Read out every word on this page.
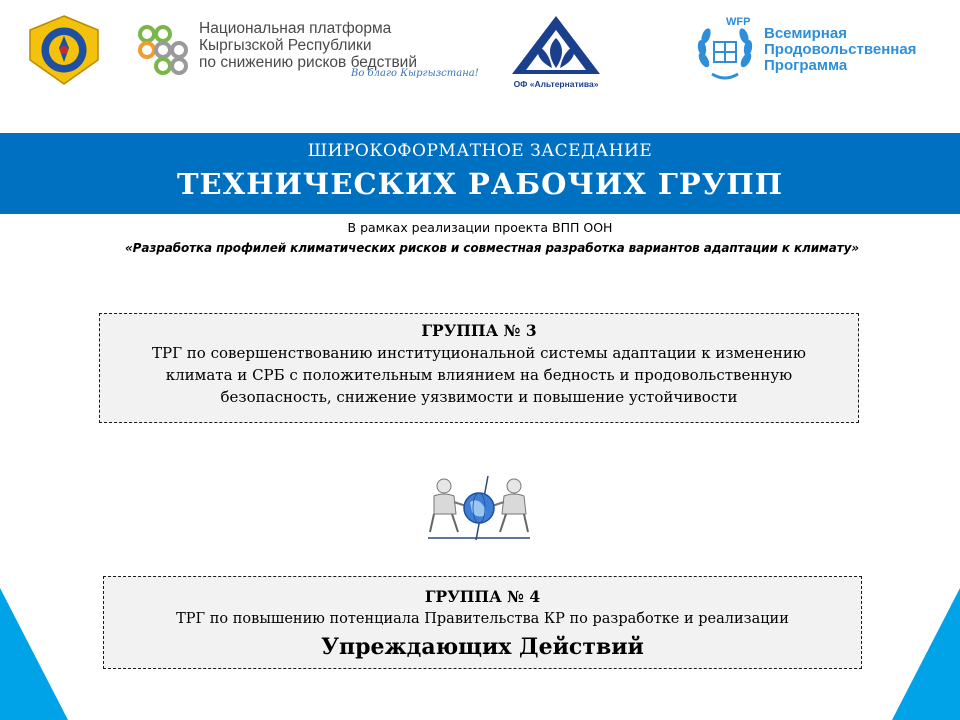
Национальная платформа
Кыргызской Республики
по снижению рисков бедствий
Во благо Кыргызстана!
ОФ «Альтернатива»
WFP
Всемирная
Продовольственная
Программа
ШИРОКОФОРМАТНОЕ ЗАСЕДАНИЕ
ТЕХНИЧЕСКИХ РАБОЧИХ ГРУПП
В рамках реализации проекта ВПП ООН
«Разработка профилей климатических рисков и совместная разработка вариантов адаптации к климату»
ГРУППА № 3
ТРГ по совершенствованию институциональной системы адаптации к изменению
климата и СРБ с положительным влиянием на бедность и продовольственную
безопасность, снижение уязвимости и повышение устойчивости
ГРУППА № 4
ТРГ по повышению потенциала Правительства КР по разработке и реализации
Упреждающих Действий
